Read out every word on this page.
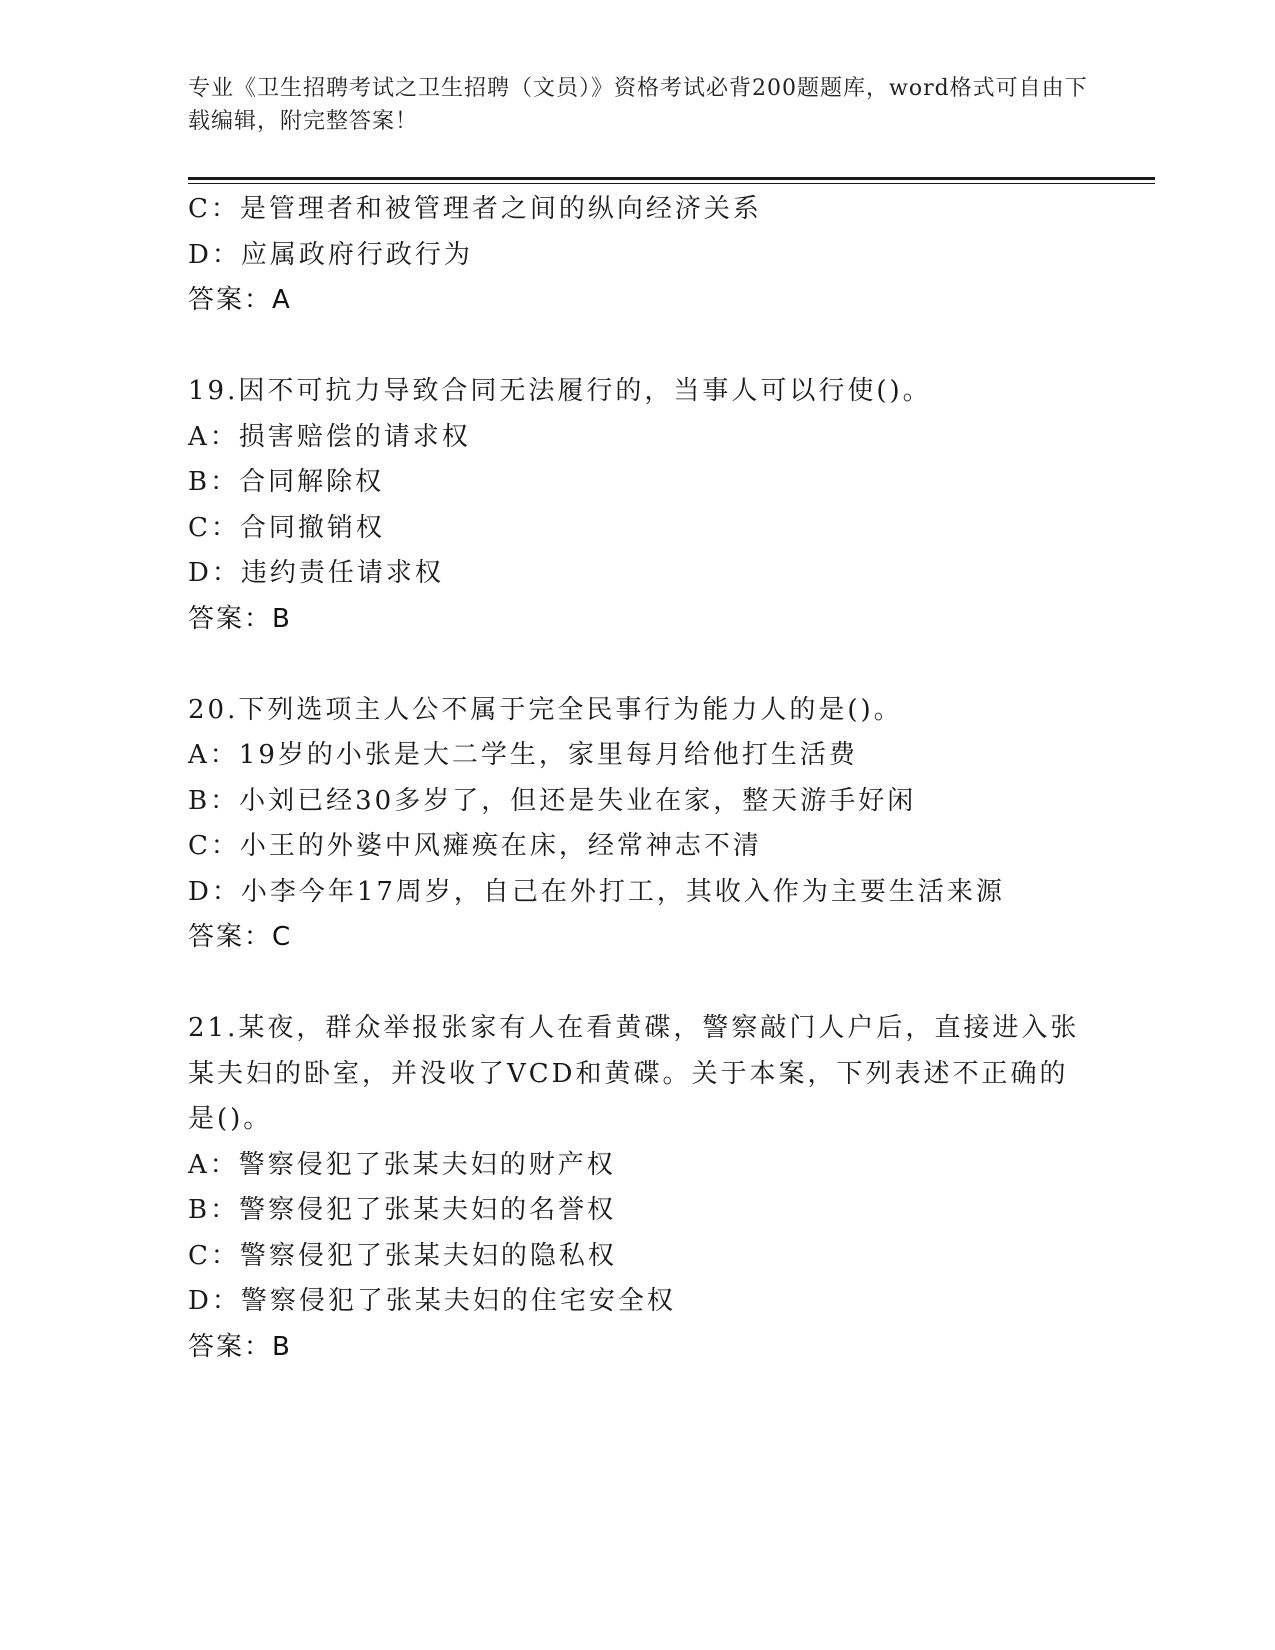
专业《卫生招聘考试之卫生招聘（文员）》资格考试必背200题题库，word格式可自由下载编辑，附完整答案！
C：是管理者和被管理者之间的纵向经济关系
D：应属政府行政行为
答案：A
19.因不可抗力导致合同无法履行的，当事人可以行使()。
A：损害赔偿的请求权
B：合同解除权
C：合同撤销权
D：违约责任请求权
答案：B
20.下列选项主人公不属于完全民事行为能力人的是()。
A：19岁的小张是大二学生，家里每月给他打生活费
B：小刘已经30多岁了，但还是失业在家，整天游手好闲
C：小王的外婆中风瘫痪在床，经常神志不清
D：小李今年17周岁，自己在外打工，其收入作为主要生活来源
答案：C
21.某夜，群众举报张家有人在看黄碟，警察敲门人户后，直接进入张某夫妇的卧室，并没收了VCD和黄碟。关于本案，下列表述不正确的是()。
A：警察侵犯了张某夫妇的财产权
B：警察侵犯了张某夫妇的名誉权
C：警察侵犯了张某夫妇的隐私权
D：警察侵犯了张某夫妇的住宅安全权
答案：B
